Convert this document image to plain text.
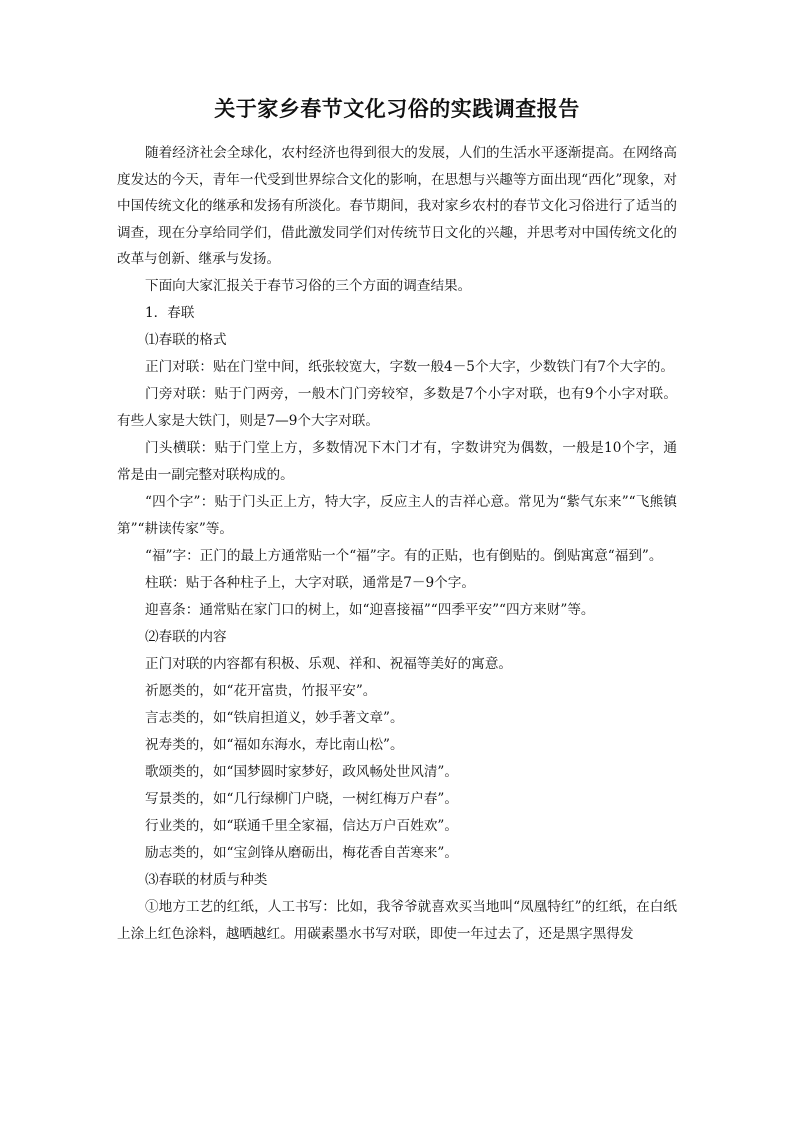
关于家乡春节文化习俗的实践调查报告

随着经济社会全球化，农村经济也得到很大的发展，人们的生活水平逐渐提高。在网络高度发达的今天，青年一代受到世界综合文化的影响，在思想与兴趣等方面出现“西化”现象，对中国传统文化的继承和发扬有所淡化。春节期间，我对家乡农村的春节文化习俗进行了适当的调查，现在分享给同学们，借此激发同学们对传统节日文化的兴趣，并思考对中国传统文化的改革与创新、继承与发扬。

下面向大家汇报关于春节习俗的三个方面的调查结果。

1．春联

⑴春联的格式

正门对联：贴在门堂中间，纸张较宽大，字数一般4－5个大字，少数铁门有7个大字的。

门旁对联：贴于门两旁，一般木门门旁较窄，多数是7个小字对联，也有9个小字对联。有些人家是大铁门，则是7—9个大字对联。

门头横联：贴于门堂上方，多数情况下木门才有，字数讲究为偶数，一般是10个字，通常是由一副完整对联构成的。

“四个字”：贴于门头正上方，特大字，反应主人的吉祥心意。常见为“紫气东来”“飞熊镇第”“耕读传家”等。

“福”字：正门的最上方通常贴一个“福”字。有的正贴，也有倒贴的。倒贴寓意“福到”。

柱联：贴于各种柱子上，大字对联，通常是7－9个字。

迎喜条：通常贴在家门口的树上，如“迎喜接福”“四季平安”“四方来财”等。

⑵春联的内容

正门对联的内容都有积极、乐观、祥和、祝福等美好的寓意。

祈愿类的，如“花开富贵，竹报平安”。

言志类的，如“铁肩担道义，妙手著文章”。

祝寿类的，如“福如东海水，寿比南山松”。

歌颂类的，如“国梦圆时家梦好，政风畅处世风清”。

写景类的，如“几行绿柳门户晓，一树红梅万户春”。

行业类的，如“联通千里全家福，信达万户百姓欢”。

励志类的，如“宝剑锋从磨砺出，梅花香自苦寒来”。

⑶春联的材质与种类

①地方工艺的红纸，人工书写：比如，我爷爷就喜欢买当地叫“凤凰特红”的红纸，在白纸上涂上红色涂料，越晒越红。用碳素墨水书写对联，即使一年过去了，还是黑字黑得发
